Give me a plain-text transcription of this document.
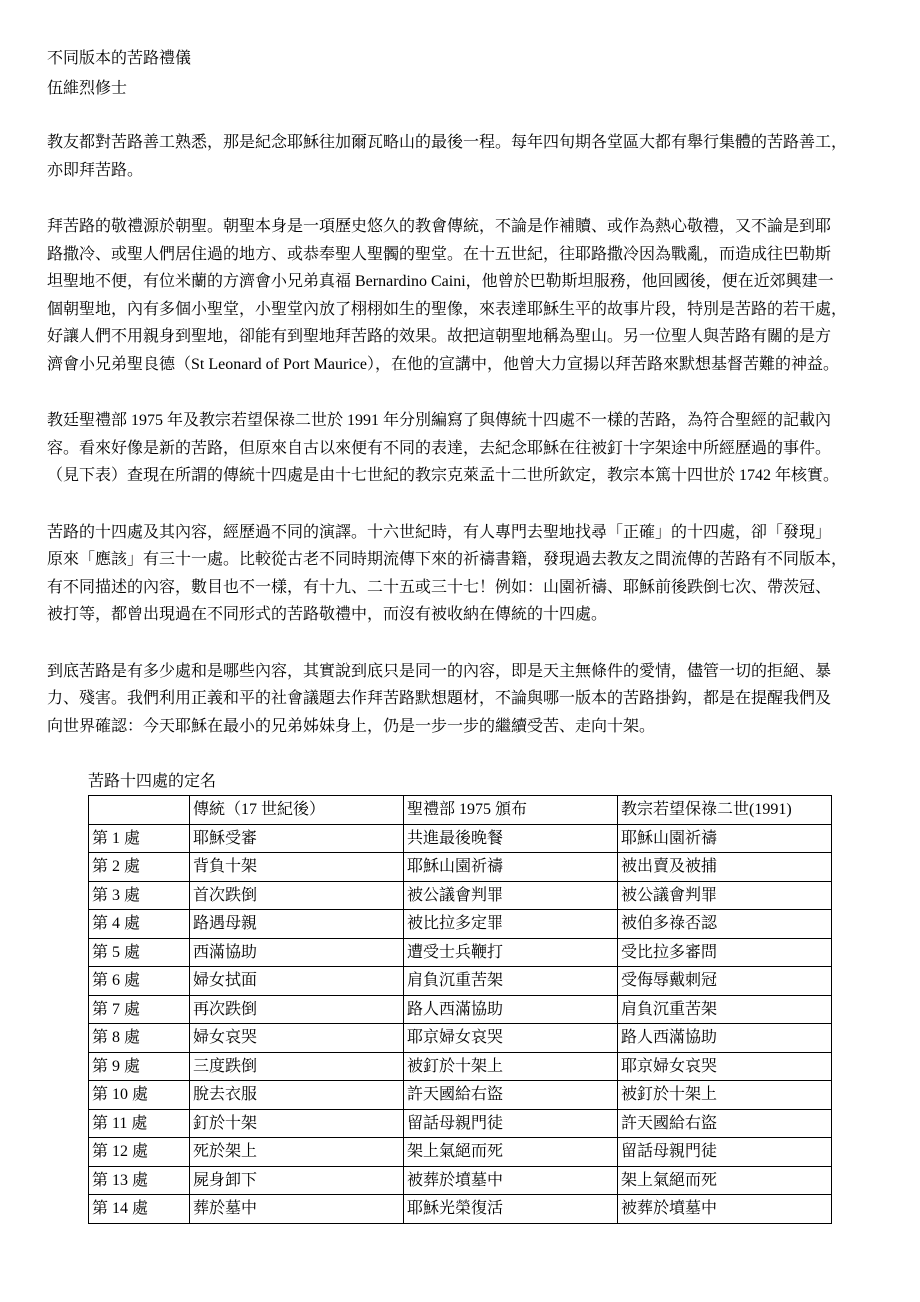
不同版本的苦路禮儀
伍維烈修士
教友都對苦路善工熟悉，那是紀念耶穌往加爾瓦略山的最後一程。每年四旬期各堂區大都有舉行集體的苦路善工，
亦即拜苦路。
拜苦路的敬禮源於朝聖。朝聖本身是一項歷史悠久的教會傳統，不論是作補贖、或作為熱心敬禮，又不論是到耶
路撒冷、或聖人們居住過的地方、或恭奉聖人聖髑的聖堂。在十五世紀，往耶路撒冷因為戰亂，而造成往巴勒斯
坦聖地不便，有位米蘭的方濟會小兄弟真福 Bernardino Caini，他曾於巴勒斯坦服務，他回國後，便在近郊興建一
個朝聖地，內有多個小聖堂，小聖堂內放了栩栩如生的聖像，來表達耶穌生平的故事片段，特別是苦路的若干處，
好讓人們不用親身到聖地，卻能有到聖地拜苦路的效果。故把這朝聖地稱為聖山。另一位聖人與苦路有關的是方
濟會小兄弟聖良德（St Leonard of Port Maurice），在他的宣講中，他曾大力宣揚以拜苦路來默想基督苦難的神益。
教廷聖禮部 1975 年及教宗若望保祿二世於 1991 年分別編寫了與傳統十四處不一樣的苦路，為符合聖經的記載內
容。看來好像是新的苦路，但原來自古以來便有不同的表達，去紀念耶穌在往被釘十字架途中所經歷過的事件。
（見下表）查現在所謂的傳統十四處是由十七世紀的教宗克萊孟十二世所欽定，教宗本篤十四世於 1742 年核實。
苦路的十四處及其內容，經歷過不同的演譯。十六世紀時，有人專門去聖地找尋「正確」的十四處，卻「發現」
原來「應該」有三十一處。比較從古老不同時期流傳下來的祈禱書籍，發現過去教友之間流傳的苦路有不同版本，
有不同描述的內容，數目也不一樣，有十九、二十五或三十七！例如：山園祈禱、耶穌前後跌倒七次、帶茨冠、
被打等，都曾出現過在不同形式的苦路敬禮中，而沒有被收納在傳統的十四處。
到底苦路是有多少處和是哪些內容，其實說到底只是同一的內容，即是天主無條件的愛情，儘管一切的拒絕、暴
力、殘害。我們利用正義和平的社會議題去作拜苦路默想題材，不論與哪一版本的苦路掛鈎，都是在提醒我們及
向世界確認：今天耶穌在最小的兄弟姊妹身上，仍是一步一步的繼續受苦、走向十架。
苦路十四處的定名
	傳統（17 世紀後）	聖禮部 1975 頒布	教宗若望保祿二世(1991)
第 1 處	耶穌受審	共進最後晚餐	耶穌山園祈禱
第 2 處	背負十架	耶穌山園祈禱	被出賣及被捕
第 3 處	首次跌倒	被公議會判罪	被公議會判罪
第 4 處	路遇母親	被比拉多定罪	被伯多祿否認
第 5 處	西滿協助	遭受士兵鞭打	受比拉多審問
第 6 處	婦女拭面	肩負沉重苦架	受侮辱戴刺冠
第 7 處	再次跌倒	路人西滿協助	肩負沉重苦架
第 8 處	婦女哀哭	耶京婦女哀哭	路人西滿協助
第 9 處	三度跌倒	被釘於十架上	耶京婦女哀哭
第 10 處	脫去衣服	許天國給右盜	被釘於十架上
第 11 處	釘於十架	留話母親門徒	許天國給右盜
第 12 處	死於架上	架上氣絕而死	留話母親門徒
第 13 處	屍身卸下	被葬於墳墓中	架上氣絕而死
第 14 處	葬於墓中	耶穌光榮復活	被葬於墳墓中
